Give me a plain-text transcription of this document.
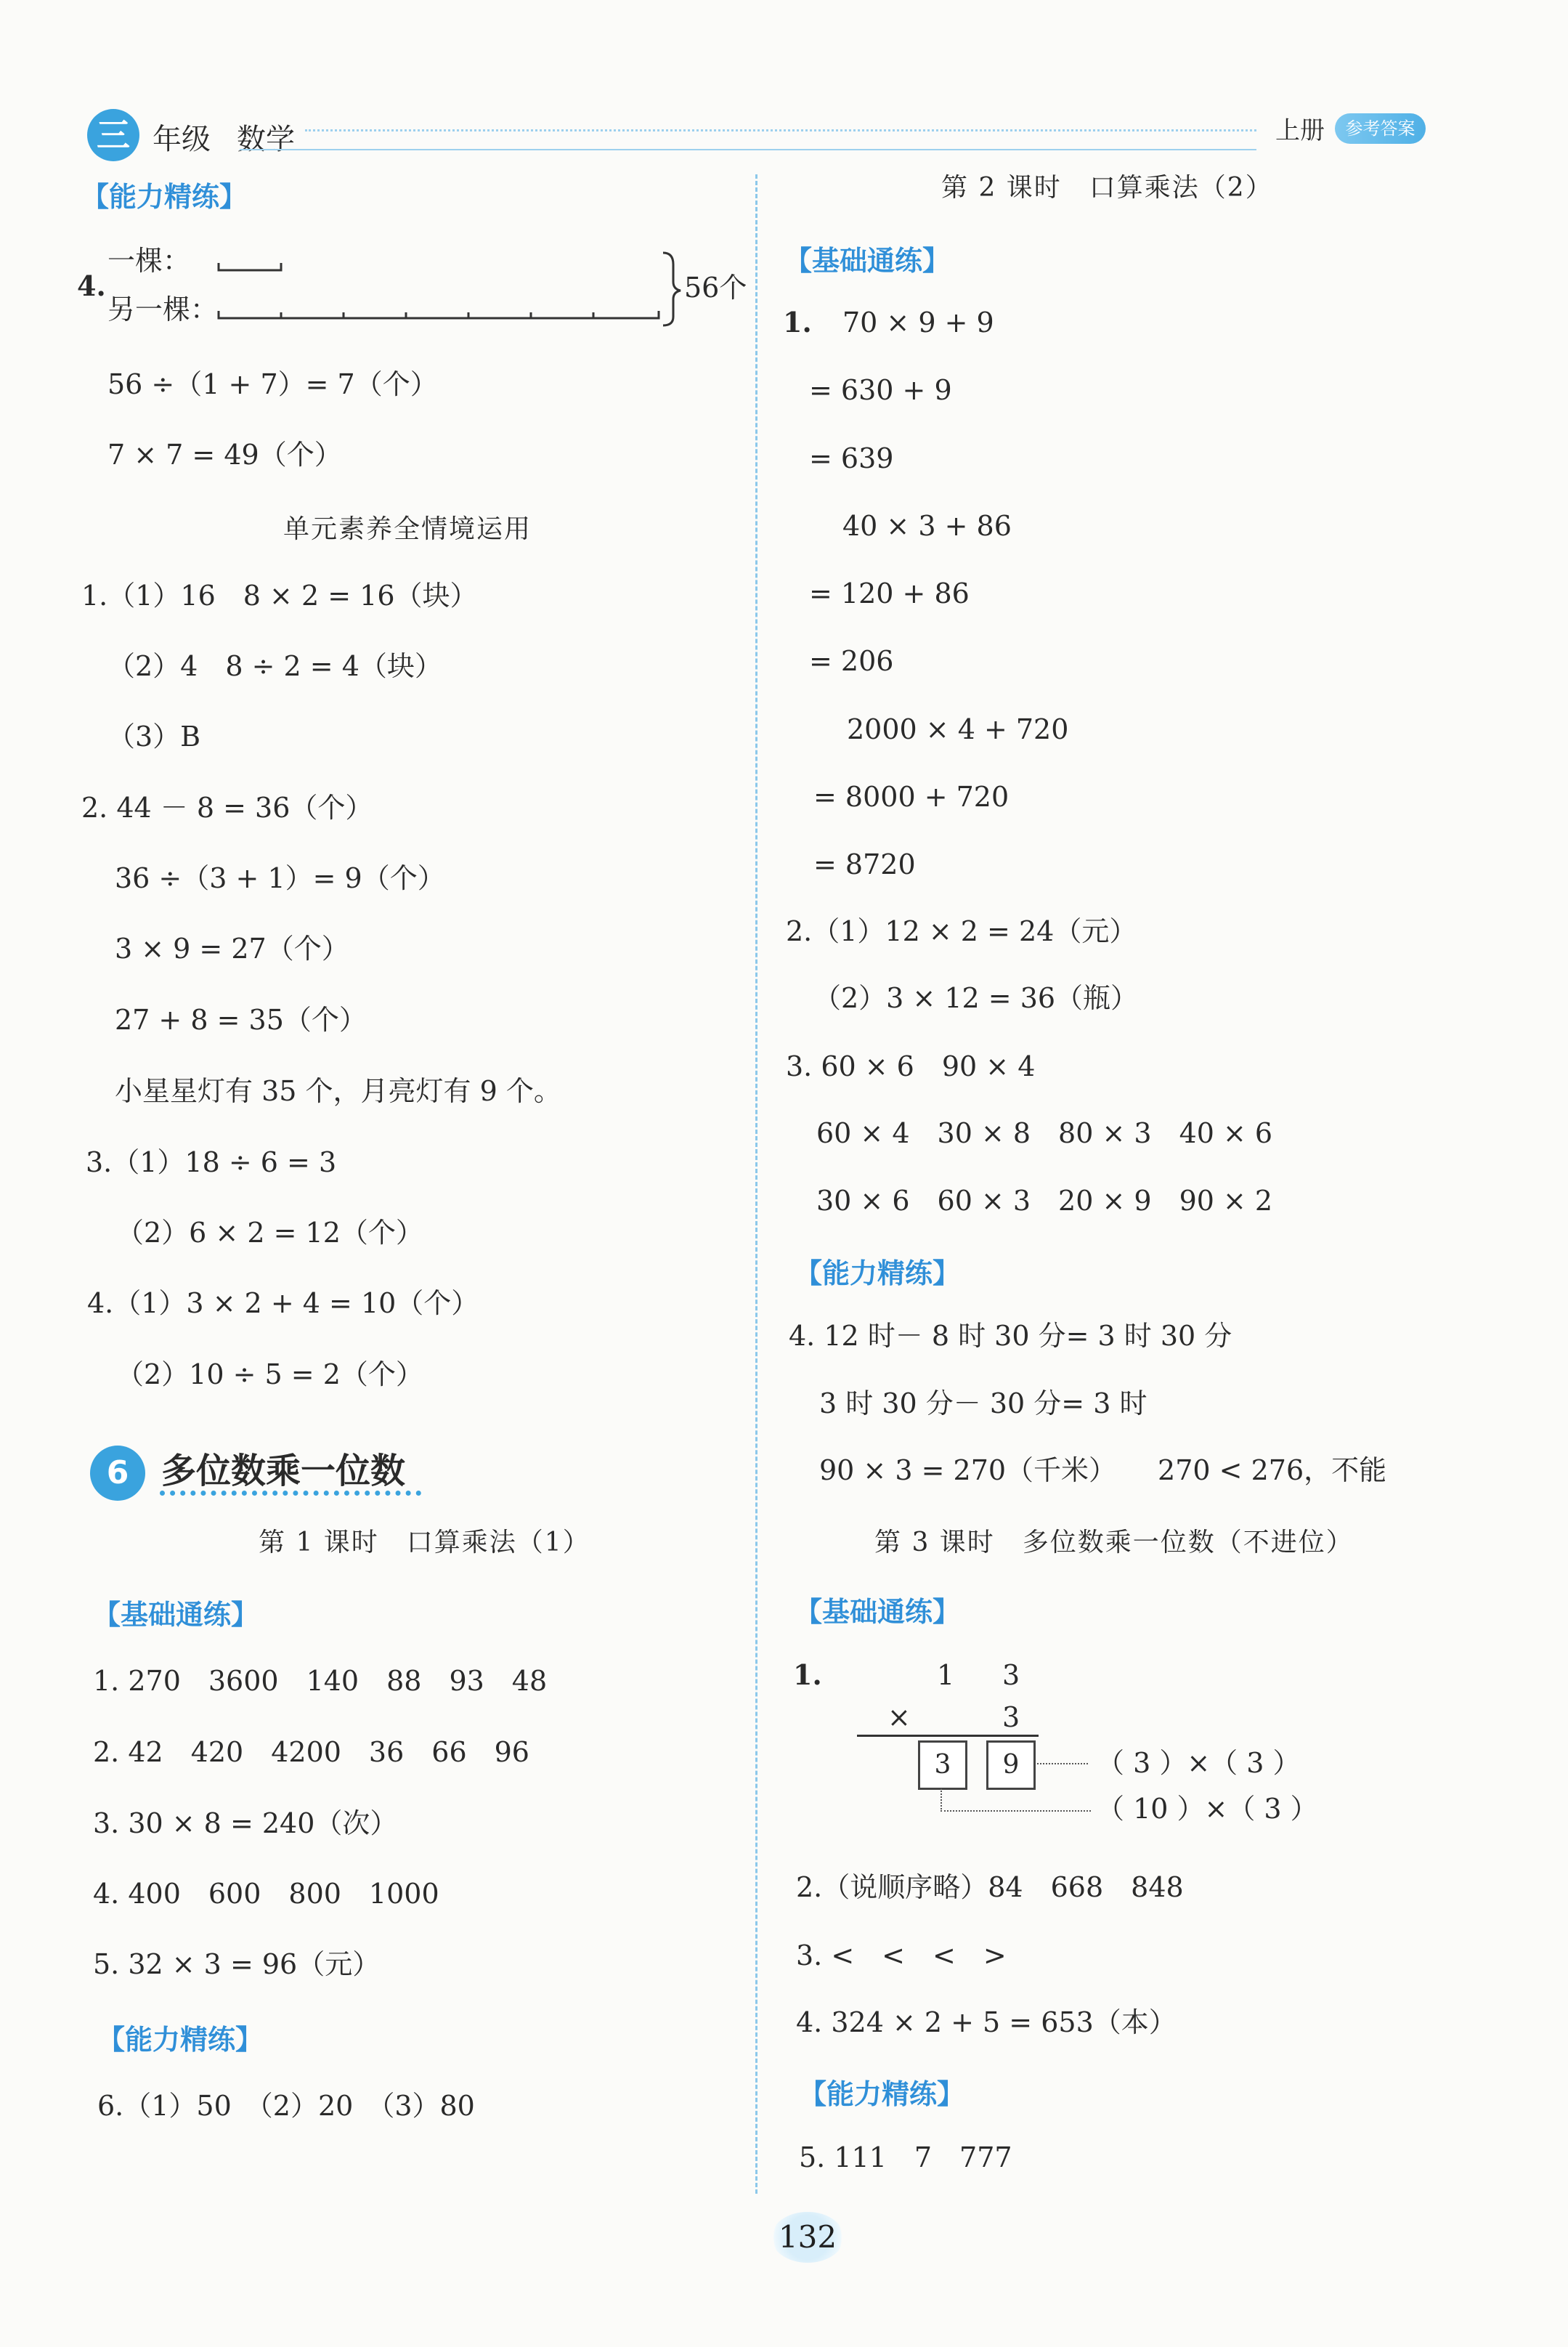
三 年级 数学	上册	参考答案
【能力精练】
4.
一棵：
另一棵：
56个
56 ÷（1 + 7）= 7（个）
7 × 7 = 49（个）
单元素养全情境运用
1.（1）16　8 × 2 = 16（块）
（2）4　8 ÷ 2 = 4（块）
（3）B
2. 44 － 8 = 36（个）
36 ÷（3 + 1）= 9（个）
3 × 9 = 27（个）
27 + 8 = 35（个）
小星星灯有 35 个，月亮灯有 9 个。
3.（1）18 ÷ 6 = 3
（2）6 × 2 = 12（个）
4.（1）3 × 2 + 4 = 10（个）
（2）10 ÷ 5 = 2（个）
6 多位数乘一位数
第 1 课时　口算乘法（1）
【基础通练】
1. 270　3600　140　88　93　48
2. 42　420　4200　36　66　96
3. 30 × 8 = 240（次）
4. 400　600　800　1000
5. 32 × 3 = 96（元）
【能力精练】
6.（1）50　（2）20　（3）80
第 2 课时　口算乘法（2）
【基础通练】
1. 70 × 9 + 9
= 630 + 9
= 639
40 × 3 + 86
= 120 + 86
= 206
2000 × 4 + 720
= 8000 + 720
= 8720
2.（1）12 × 2 = 24（元）
（2）3 × 12 = 36（瓶）
3. 60 × 6　90 × 4
60 × 4　30 × 8　80 × 3　40 × 6
30 × 6　60 × 3　20 × 9　90 × 2
【能力精练】
4. 12 时－ 8 时 30 分= 3 时 30 分
3 时 30 分－ 30 分= 3 时
90 × 3 = 270（千米）　　270 < 276，不能
第 3 课时　多位数乘一位数（不进位）
【基础通练】
1.	1 3
×	3
3	9	（ 3 ）×（ 3 ）
（ 10 ）×（ 3 ）
2.（说顺序略）84　668　848
3. <　<　<　>
4. 324 × 2 + 5 = 653（本）
【能力精练】
5. 111　7　777
132
